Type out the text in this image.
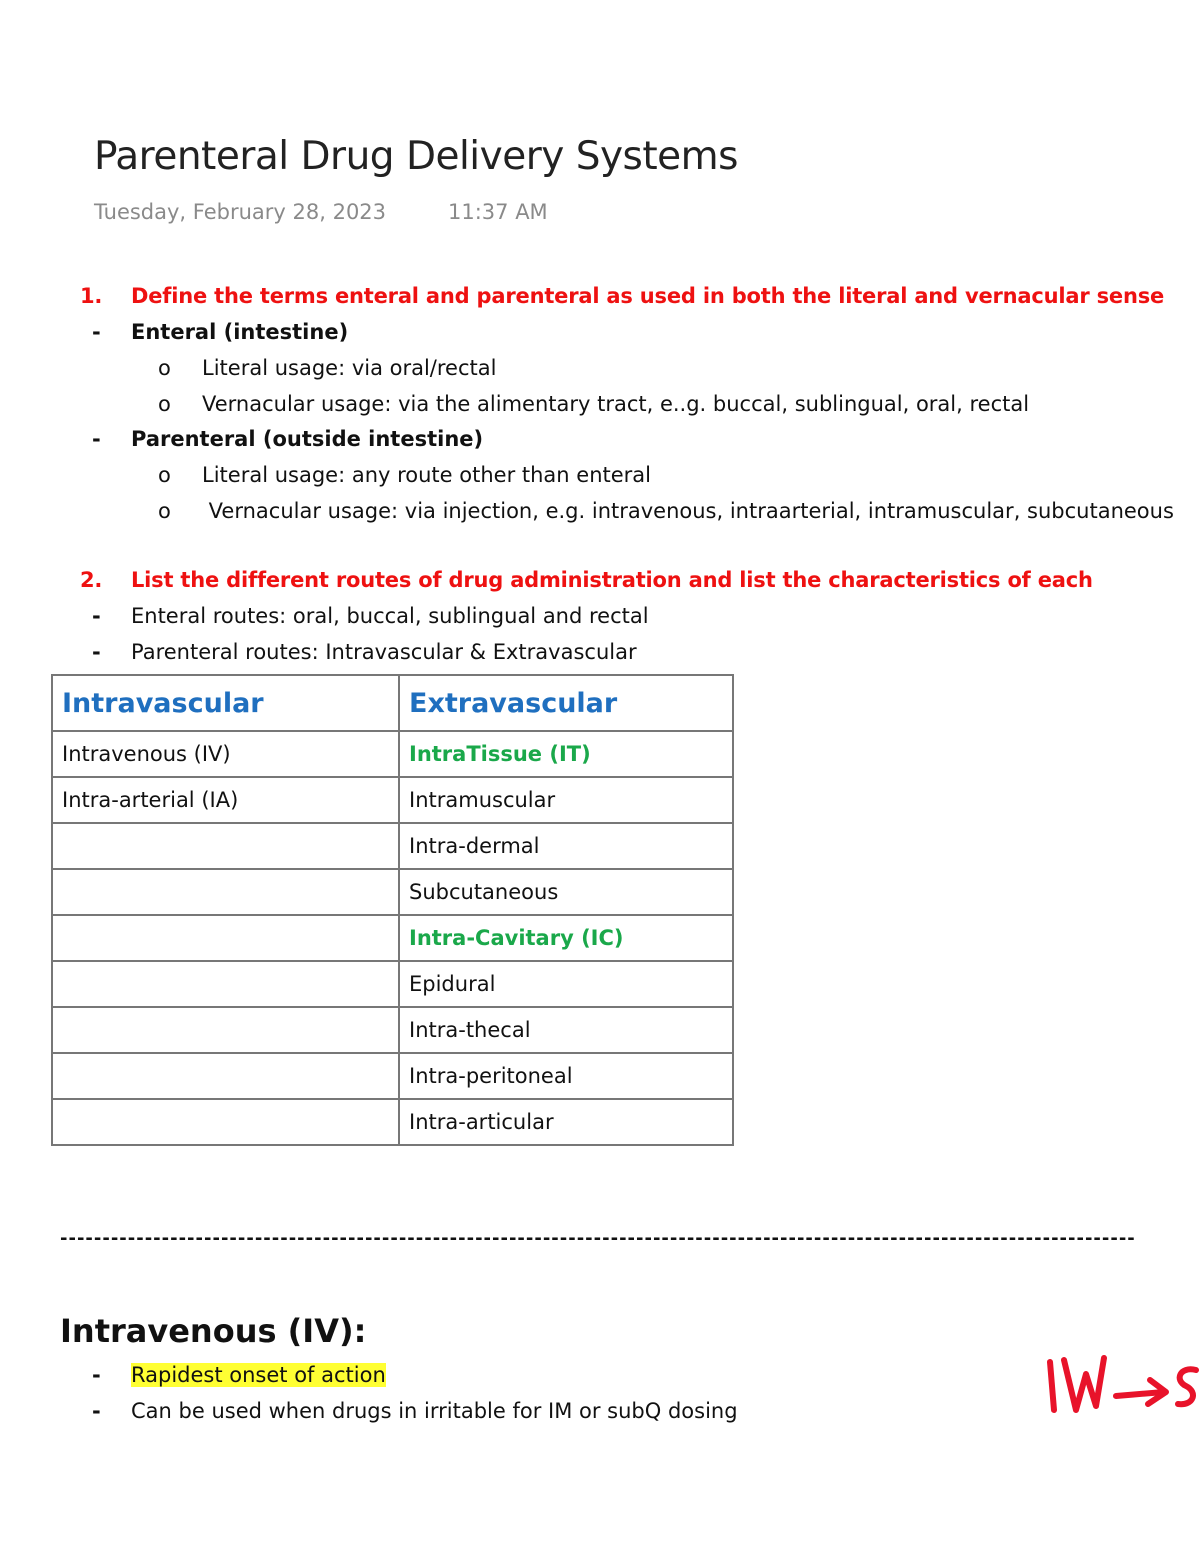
Parenteral Drug Delivery Systems
Tuesday, February 28, 2023	11:37 AM
1. Define the terms enteral and parenteral as used in both the literal and vernacular sense
- Enteral (intestine)
o Literal usage: via oral/rectal
o Vernacular usage: via the alimentary tract, e..g. buccal, sublingual, oral, rectal
- Parenteral (outside intestine)
o Literal usage: any route other than enteral
o Vernacular usage: via injection, e.g. intravenous, intraarterial, intramuscular, subcutaneous
2. List the different routes of drug administration and list the characteristics of each
- Enteral routes: oral, buccal, sublingual and rectal
- Parenteral routes: Intravascular & Extravascular
Intravascular	Extravascular
Intravenous (IV)	IntraTissue (IT)
Intra-arterial (IA)	Intramuscular
	Intra-dermal
	Subcutaneous
	Intra-Cavitary (IC)
	Epidural
	Intra-thecal
	Intra-peritoneal
	Intra-articular
-------------------------------------------------------------------------------------------------------------------------------
Intravenous (IV):
- Rapidest onset of action
- Can be used when drugs in irritable for IM or subQ dosing
